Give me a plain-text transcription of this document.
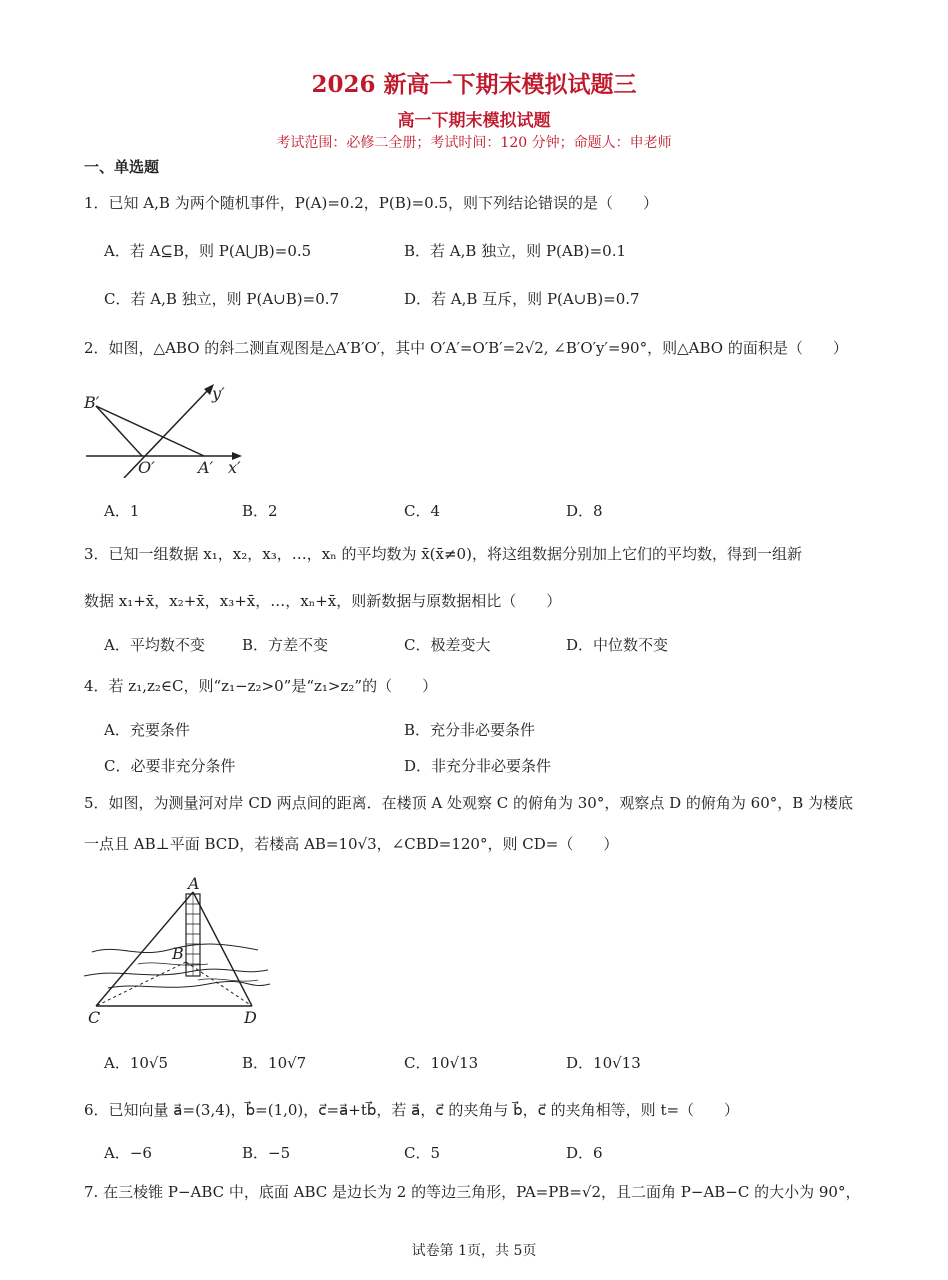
2026 新高一下期末模拟试题三
高一下期末模拟试题
考试范围：必修二全册；考试时间：120 分钟；命题人：申老师
一、单选题
1．已知 A,B 为两个随机事件，P(A)=0.2，P(B)=0.5，则下列结论错误的是（　　）
A．若 A⊆B，则 P(A⋃B)=0.5	B．若 A,B 独立，则 P(AB)=0.1
C．若 A,B 独立，则 P(A∪B)=0.7	D．若 A,B 互斥，则 P(A∪B)=0.7
2．如图，△ABO 的斜二测直观图是△A′B′O′，其中 O′A′=O′B′=2√2, ∠B′O′y′=90°，则△ABO 的面积是（　　）
B′	y′
O′	A′ x′
A．1	B．2	C．4	D．8
3．已知一组数据 x₁，x₂，x₃，…，xₙ 的平均数为 x̄(x̄≠0)，将这组数据分别加上它们的平均数，得到一组新
数据 x₁+x̄，x₂+x̄，x₃+x̄，…，xₙ+x̄，则新数据与原数据相比（　　）
A．平均数不变 B．方差不变	C．极差变大	D．中位数不变
4．若 z₁,z₂∈C，则“z₁−z₂>0”是“z₁>z₂”的（　　）
A．充要条件	B．充分非必要条件
C．必要非充分条件	D．非充分非必要条件
5．如图，为测量河对岸 CD 两点间的距离．在楼顶 A 处观察 C 的俯角为 30°，观察点 D 的俯角为 60°，B 为楼底
一点且 AB⊥平面 BCD，若楼高 AB=10√3，∠CBD=120°，则 CD=（　　）
A
B
C	D
A．10√5	B．10√7	C．10√13	D．10√13
6．已知向量 a⃗=(3,4)，b⃗=(1,0)，c⃗=a⃗+tb⃗，若 a⃗，c⃗ 的夹角与 b⃗，c⃗ 的夹角相等，则 t=（　　）
A．−6	B．−5	C．5	D．6
7. 在三棱锥 P−ABC 中，底面 ABC 是边长为 2 的等边三角形，PA=PB=√2，且二面角 P−AB−C 的大小为 90°，
试卷第 1页，共 5页
